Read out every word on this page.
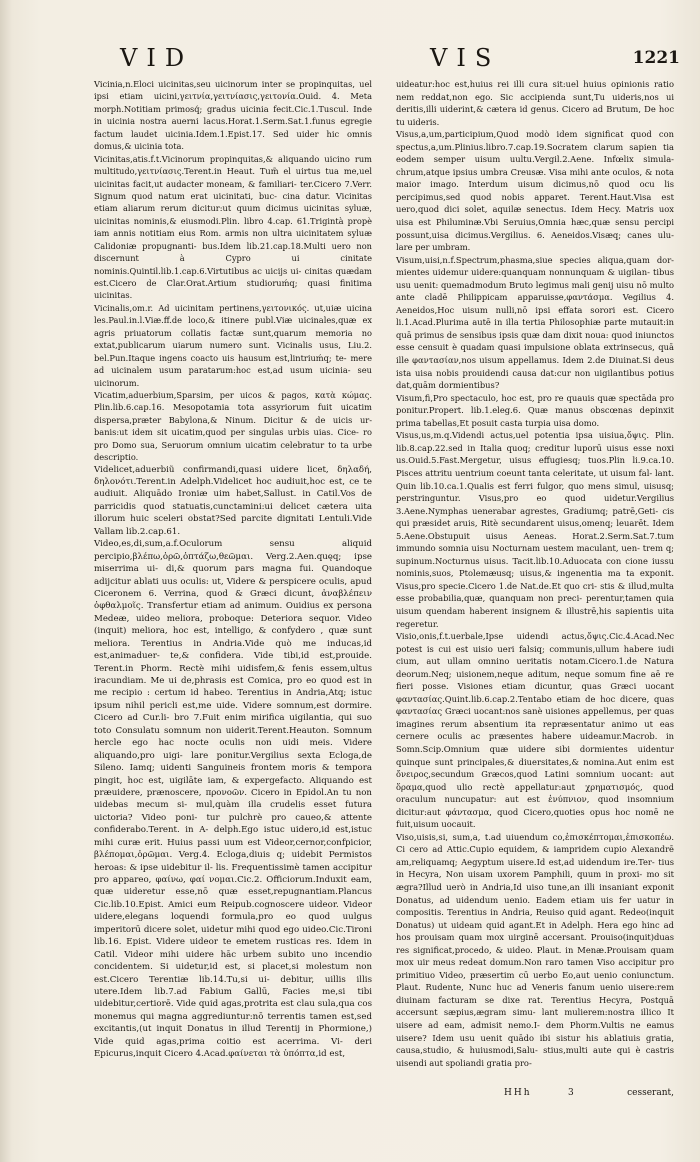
VID	VIS	1221

Vicinia,n.Eloci uicinitas,seu uicinorum inter se propinquitas, uel ipsi etiam uicini,γειτνία,γειτνίασις,γειτονία.Ouid. 4. Meta morph.Notitiam primosq́; gradus uicinia fecit.Cic.1.Tuscul. Inde in uicinia nostra auerni lacus.Horat.1.Serm.Sat.1.funus egregie factum laudet uicinia.Idem.1.Epist.17. Sed uider hic omnis domus,& uicinia tota.

Vicinitas,atis.f.t.Vicinorum propinquitas,& aliquando uicino rum multitudo,γειτνίασις.Terent.in Heaut. Tum̃ el uirtus tua me,uel uicinitas facit,ut audacter moneam, & familiari- ter.Cicero 7.Verr. Signum quod natum erat uicinitati, buc- cina datur. Vicinitas etiam aliarum rerum dicitur:ut quum dicimus uicinitas syluæ, uicinitas nominis,& eiusmodi.Plin. libro 4.cap. 61.Trigintà propè iam annis notitiam eius Rom. armis non ultra uicinitatem syluæ Calidoniæ propugnanti- bus.Idem lib.21.cap.18.Multi uero non discernunt à Cypro ui cinitate nominis.Quintil.lib.1.cap.6.Virtutibus ac uicijs ui- cinitas quædam est.Cicero de Clar.Orat.Artium studioruḿq; quasi finitima uicinitas.

Vicinalis,om.r. Ad uicinitam pertinens,γειτονικός. ut,uiæ uicina les.Paul.in.l.Viæ.ff.de loco,& itinere publ.Viæ uicinales,quæ ex agris priuatorum collatis factæ sunt,quarum memoria no extat,publicarum uiarum numero sunt. Vicinalis usus, Liu.2. bel.Pun.Itaque ingens coacto uis hausum est,lintriuḿq; te- mere ad uicinalem usum paratarum:hoc est,ad usum uicinia- seu uicinorum.

Vicatim,aduerbium,Sparsim, per uicos & pagos, κατὰ κώμας. Plin.lib.6.cap.16. Mesopotamia tota assyriorum fuit uicatim dispersa,præter Babylona,& Ninum. Dicitur & de uicis ur- banis:ut idem sit uicatim,quod per singulas urbis uias. Cice- ro pro Domo sua, Seruorum omnium uicatim celebratur to ta urbe descriptio.

Videlicet,aduerbiũ confirmandi,quasi uidere licet, δηλαδή, δηλονότι.Terent.in Adelph.Videlicet hoc audiuit,hoc est, ce te audiuit. Aliquādo Ironiæ uim habet,Sallust. in Catil.Vos de parricidis quod statuatis,cunctamini:ui delicet cætera uita illorum huic sceleri obstat?Sed parcite dignitati Lentuli.Vide Vallam lib.2.cap.61.

Video,es,di,sum,a.f.Oculorum sensu aliquid percipio,βλέπω,ὁρῶ,ὀπτάζω,θεῶμαι. Verg.2.Aen.quęq; ipse miserrima ui- di,& quorum pars magna fui. Quandoque adijcitur ablati uus oculis: ut, Videre & perspicere oculis, apud Ciceronem 6. Verrina, quod & Græci dicunt, ἀναβλέπειν ὀφθαλμοῖς. Transfertur etiam ad animum. Ouidius ex persona Medeæ, uideo meliora, proboque: Deteriora sequor. Video (inquit) meliora, hoc est, intelligo, & confydero , quæ sunt meliora. Terentius in Andria.Vide quò me inducas,id est,animaduer- te,& confidera. Vide tibi,id est,prouide. Terent.in Phorm. Rectè mihi uidisfem,& fenis essem,ultus iracundiam. Me ui de,phrasis est Comica, pro eo quod est in me recipio : certum id habeo. Terentius in Andria,Atq; istuc ipsum nihil pericli est,me uide. Videre somnum,est dormire. Cicero ad Cur.li- bro 7.Fuit enim mirifica uigilantia, qui suo toto Consulatu somnum non uiderit.Terent.Heauton. Somnum hercle ego hac nocte oculis non uidi meis. Videre aliquando,pro uigi- lare ponitur.Vergilius sexta Ecloga,de Sileno. Iamq; uidenti Sanguineis frontem moris & tempora pingit, hoc est, uigilāte iam, & expergefacto. Aliquando est præuidere, prænoscere, προνοῶν. Cicero in Epidol.An tu non uidebas mecum si- mul,quàm illa crudelis esset futura uictoria? Video poni- tur pulchrè pro caueo,& attente confiderabo.Terent. in A- delph.Ego istuc uidero,id est,istuc mihi curæ erit. Huius passi uum est Videor,cernor,confpicior, βλέπομαι,ὁρῶμαι. Verg.4. Ecloga,diuis q; uidebit Permistos heroas: & ipse uidebitur il- lis. Frequentissimè tamen accipitur pro appareo, φαίνω, φαί νομαι.Cic.2. Officiorum.Induxit eam, quæ uideretur esse,nō quæ esset,repugnantiam.Plancus Cic.lib.10.Epist. Amici eum Reipub.cognoscere uideor. Videor uidere,elegans loquendi formula,pro eo quod uulgus imperitorū dicere solet, uidetur mihi quod ego uideo.Cic.Tironi lib.16. Epist. Videre uideor te emetem rusticas res. Idem in Catil. Videor mihi uidere hāc urbem subito uno incendio concidentem. Si uidetur,id est, si placet,si molestum non est.Cicero Terentiæ lib.14.Tu,si ui- debitur, uillis illis utere.Idem lib.7.ad Fabium Gallū, Facies me,si tibi uidebitur,certiorē. Vide quid agas,protrita est clau sula,qua cos monemus qui magna aggrediuntur:nō terrentis tamen est,sed excitantis,(ut inquit Donatus in illud Terentij in Phormione,) Vide quid agas,prima coitio est acerrima. Vi- deri Epicurus,inquit Cicero 4.Acad.φαίνεται τὰ ὑπόπτα,id est,

uideatur:hoc est,huius rei illi cura sit:uel huius opinionis ratio nem reddat,non ego. Sic accipienda sunt,Tu uideris,nos ui deritis,illi uiderint,& cætera id genus. Cicero ad Brutum, De hoc tu uideris.

Visus,a,um,participium,Quod modò idem significat quod con spectus,a,um.Plinius.libro.7.cap.19.Socratem clarum sapien tia eodem semper uisum uultu.Vergil.2.Aene. Infœlix simula- chrum,atque ipsius umbra Creusæ. Visa mihi ante oculos, & nota maior imago. Interdum uisum dicimus,nō quod ocu lis percipimus,sed quod nobis apparet. Terent.Haut.Visa est uero,quod dici solet, aquilæ senectus. Idem Hecy. Matris uox uisa est Philuminæ.Vbi Seruius,Omnia hæc,quæ sensu percipi possunt,uisa dicimus.Vergilius. 6. Aeneidos.Visæq; canes ulu- lare per umbram.

Visum,uisi,n.f.Spectrum,phasma,siue species aliqua,quam dor- mientes uidemur uidere:quanquam nonnunquam & uigilan- tibus usu uenit: quemadmodum Bruto legimus mali genij uisu nō multo ante cladē Philippicam apparuisse,φαντάσμα. Vegilius 4. Aeneidos,Hoc uisum nulli,nō ipsi effata sorori est. Cicero li.1.Acad.Plurima autē in illa tertia Philosophiæ parte mutauit:in quā primus de sensibus ipsis quæ dam dixit noua: quod iniunctos esse censuit è quadam quasi impulsione oblata extrinsecus, quā ille φαντασίαν,nos uisum appellamus. Idem 2.de Diuinat.Si deus ista uisa nobis prouidendi causa dat:cur non uigilantibus potius dat,quām dormientibus?

Visum,fi,Pro spectaculo, hoc est, pro re quauis quæ spectāda pro ponitur.Propert. lib.1.eleg.6. Quæ manus obscœnas depinxit prima tabellas,Et posuit casta turpia uisa domo.

Visus,us,m.q.Videndi actus,uel potentia ipsa uisiua,ὄψις. Plin. lib.8.cap.22.sed in Italia quoq; creditur luporū uisus esse noxi us.Ouid.5.Fast.Mergetur, uisus effugiesq; tuos.Plin li.9.ca.10. Pisces attritu uentrium coeunt tanta celeritate, ut uisum fal- lant. Quin lib.10.ca.1.Qualis est ferri fulgor, quo mens simul, uisusq; perstringuntur. Visus,pro eo quod uidetur.Vergilius 3.Aene.Nymphas uenerabar agrestes, Gradiumq; patrē,Geti- cis qui præsidet aruis, Ritè secundarent uisus,omenq; leuarēt. Idem 5.Aene.Obstupuit uisus Aeneas. Horat.2.Serm.Sat.7.tum immundo somnia uisu Nocturnam uestem maculant, uen- trem q; supinum.Nocturnus uisus. Tacit.lib.10.Aduocata con cione iussu nominis,suos, Ptolemæusq; uisus,& ingenentia ma ta exponit. Visus,pro specie.Cicero 1.de Nat.de.Et quo cri- stis & illud,multa esse probabilia,quæ, quanquam non preci- perentur,tamen quia uisum quendam haberent insignem & illustrē,his sapientis uita regeretur.

Visio,onis,f.t.uerbale,Ipse uidendi actus,ὄψις.Cic.4.Acad.Nec potest is cui est uisio ueri falsiq; communis,ullum habere iudi cium, aut ullam omnino ueritatis notam.Cicero.1.de Natura deorum.Neq; uisionem,neque aditum, neque somum fine aē re fieri posse. Visiones etiam dicuntur, quas Græci uocant φαντασίας.Quint.lib.6.cap.2.Tentabo etiam de hoc dicere, quas φαντασίας Græci uocant:nos sanè uisiones appellemus, per quas imagines rerum absentium ita repræsentatur animo ut eas cernere oculis ac præsentes habere uideamur.Macrob. in Somn.Scip.Omnium quæ uidere sibi dormientes uidentur quinque sunt principales,& diuersitates,& nomina.Aut enim est ὄνειρος,secundum Græcos,quod Latini somnium uocant: aut ὅραμα,quod ulio rectè appellatur:aut χρηματισμός, quod oraculum nuncupatur: aut est ἐνύπνιον, quod insomnium dicitur:aut φάντασμα, quod Cicero,quoties opus hoc nomē ne fuit,uisum uocauit.

Viso,uisis,si, sum,a, t.ad uiuendum co,ἐπισκέπτομαι,ἐπισκοπέω. Ci cero ad Attic.Cupio equidem, & iampridem cupio Alexandrē am,reliquamq; Aegyptum uisere.Id est,ad uidendum ire.Ter- tius in Hecyra, Non uisam uxorem Pamphili, quum in proxi- mo sit ægra?Illud uerò in Andria,Id uiso tune,an illi insaniant exponit Donatus, ad uidendum uenio. Eadem etiam uis fer uatur in compositis. Terentius in Andria, Reuiso quid agant. Redeo(inquit Donatus) ut uideam quid agant.Et in Adelph. Hera ego hinc ad hos prouisam quam mox uirginē accersant. Prouiso(inquit)duas res significat,procedo, & uideo. Plaut. in Menæ.Prouisam quam mox uir meus redeat domum.Non raro tamen Viso accipitur pro primitiuo Video, præsertim cū uerbo Eo,aut uenio coniunctum. Plaut. Rudente, Nunc huc ad Veneris fanum uenio uisere:rem diuinam facturam se dixe rat. Terentius Hecyra, Postquā accersunt sæpius,ægram simu- lant mulierem:nostra illico It uisere ad eam, admisit nemo.I- dem Phorm.Vultis ne eamus uisere? Idem usu uenit quādo ibi sistur his ablatiuis gratia, causa,studio, & huiusmodi,Salu- stius,multi aute qui è castris uisendi aut spoliandi gratia pro-

HHh	3	cesserant,
